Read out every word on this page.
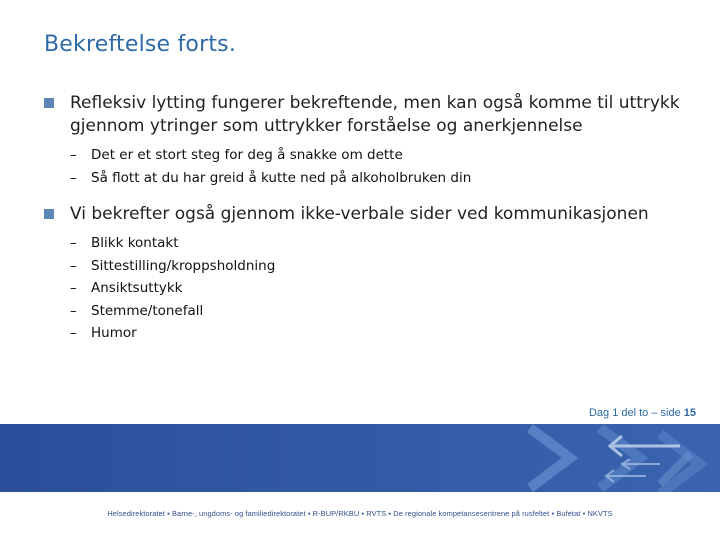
Bekreftelse forts.
Refleksiv lytting fungerer bekreftende, men kan også komme til uttrykk gjennom ytringer som uttrykker forståelse og anerkjennelse
– Det er et stort steg for deg å snakke om dette
– Så flott at du har greid å kutte ned på alkoholbruken din
Vi bekrefter også gjennom ikke-verbale sider ved kommunikasjonen
– Blikk kontakt
– Sittestilling/kroppsholdning
– Ansiktsuttykk
– Stemme/tonefall
– Humor
Dag 1 del to – side 15
Helsedirektoratet ▪ Barne-, ungdoms- og familiedirektoratet ▪ R-BUP/RKBU ▪ RVTS ▪ De regionale kompetansesentrene på rusfeltet ▪ Bufetat ▪ NKVTS
